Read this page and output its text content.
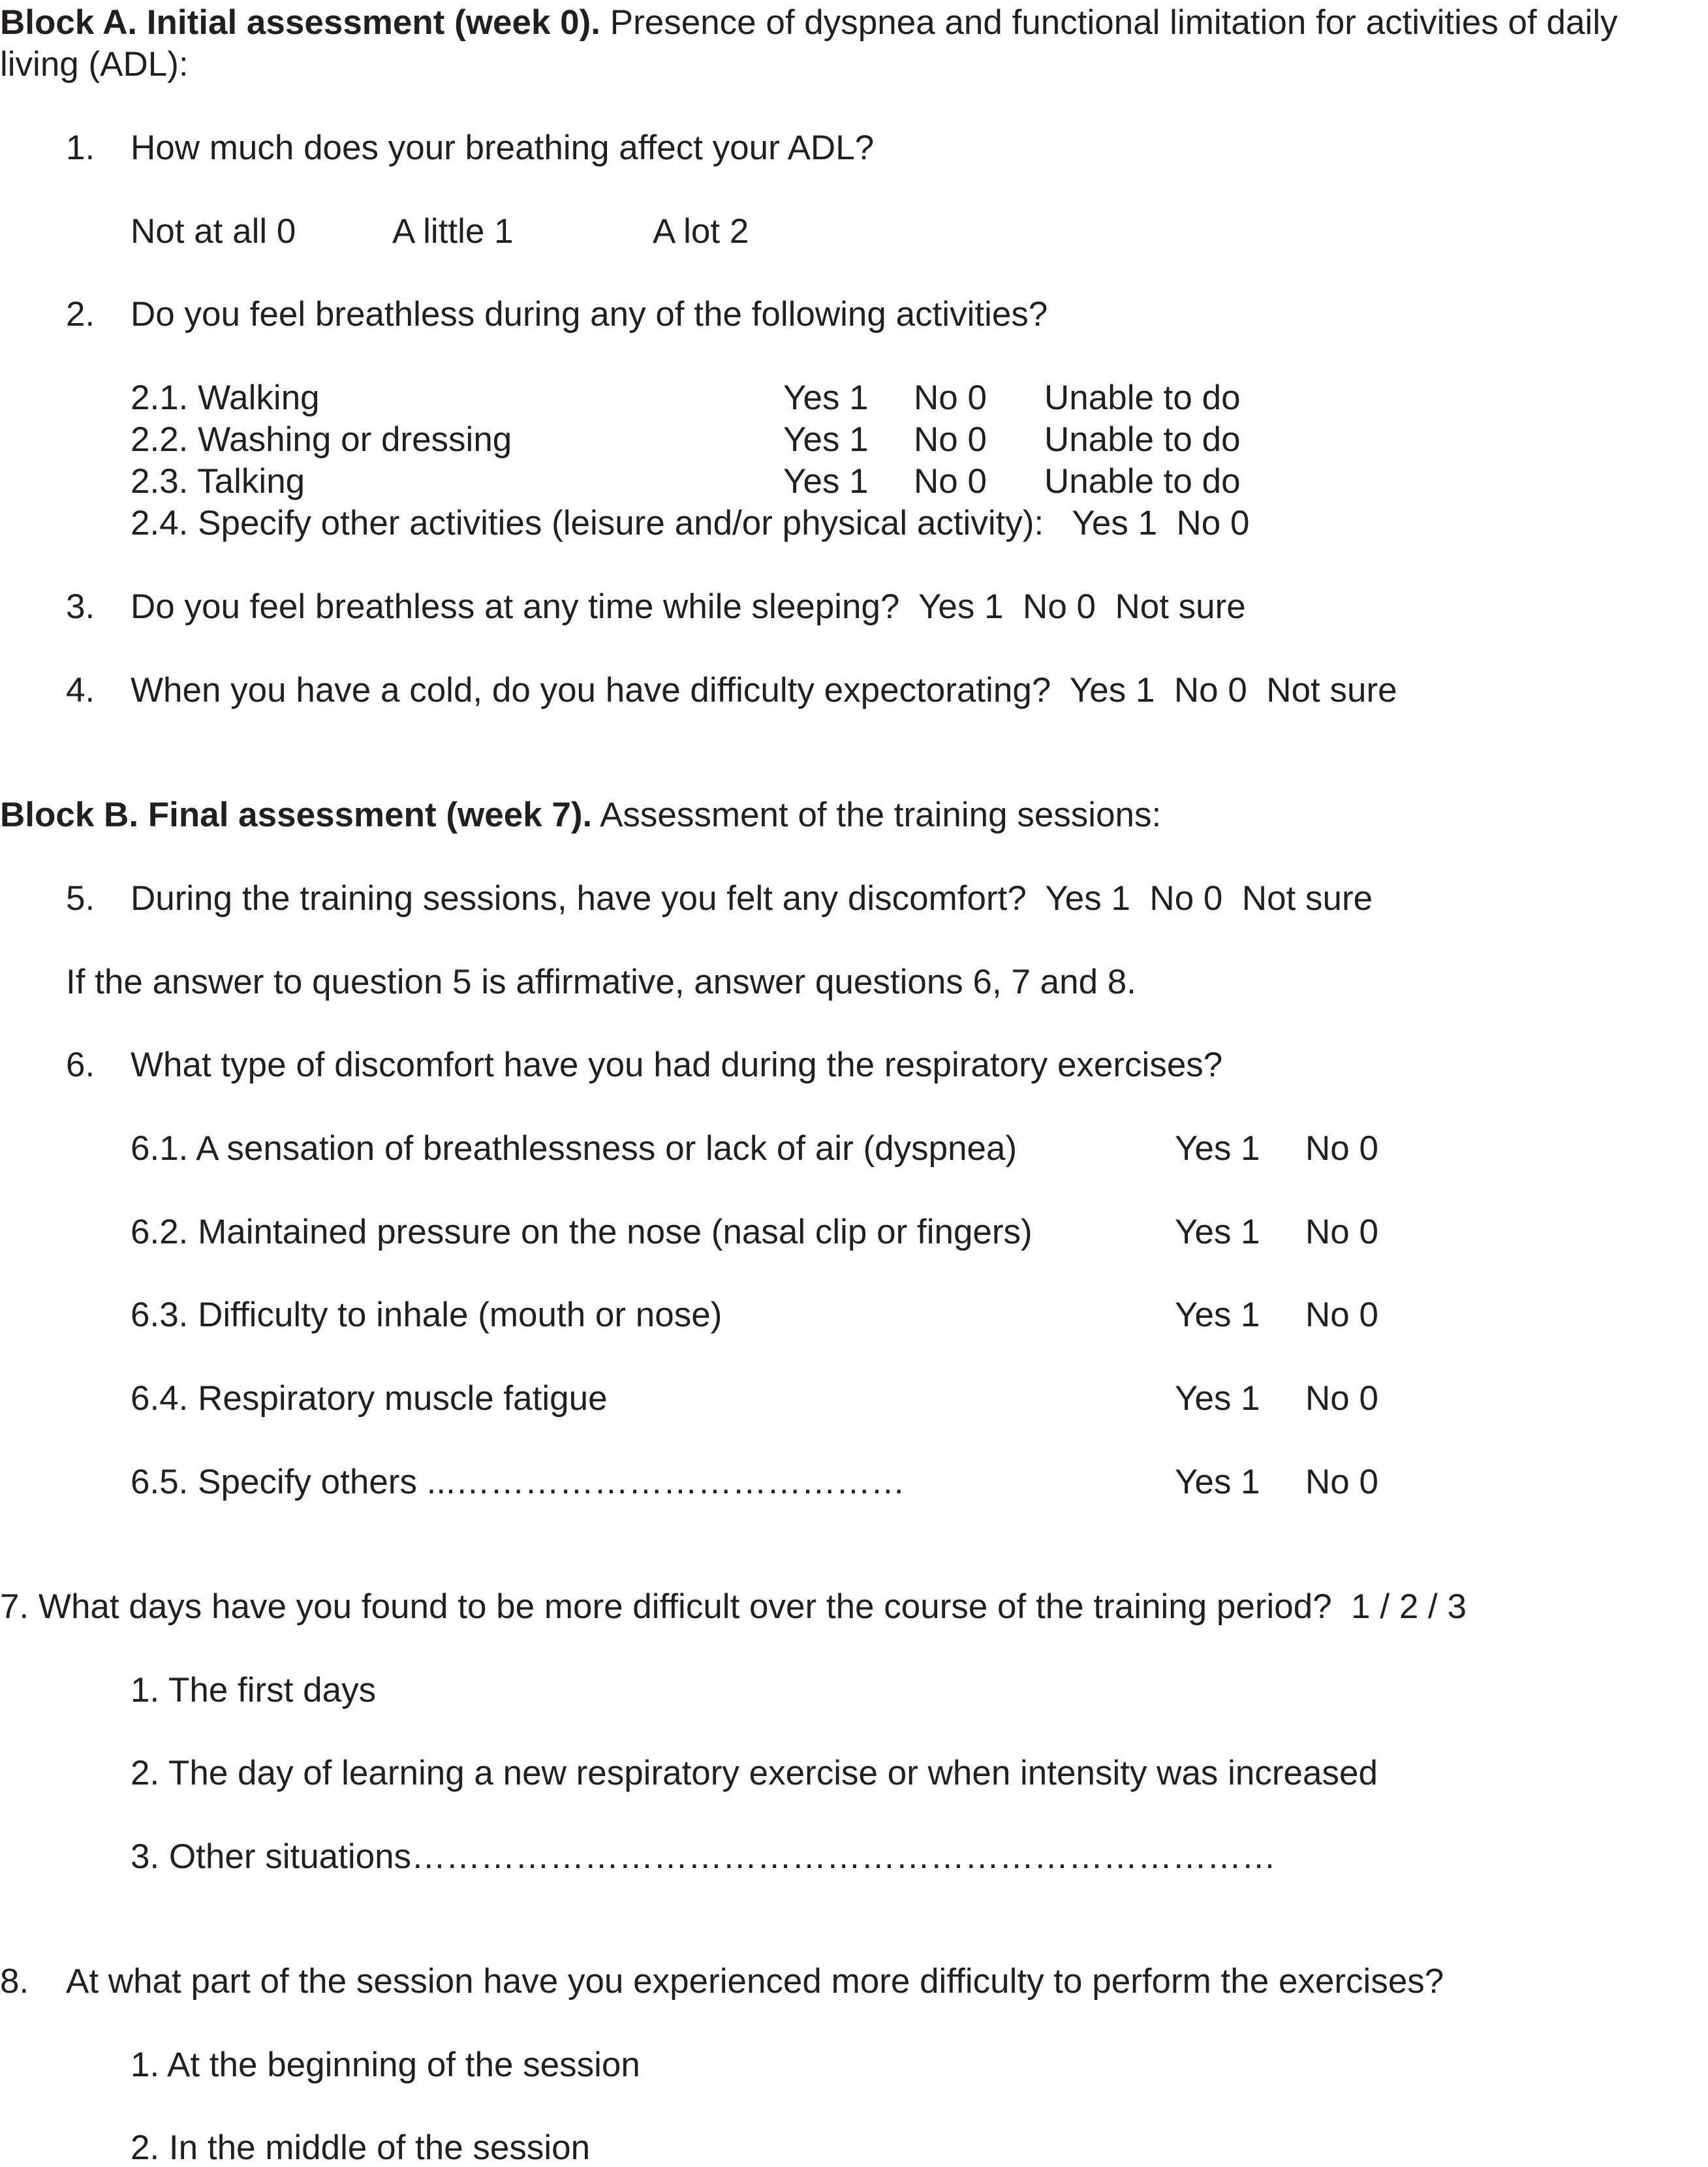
Block A. Initial assessment (week 0). Presence of dyspnea and functional limitation for activities of daily
living (ADL):
1. How much does your breathing affect your ADL?
Not at all 0	A little 1	A lot 2
2. Do you feel breathless during any of the following activities?
2.1. Walking	Yes 1 No 0 Unable to do
2.2. Washing or dressing	Yes 1 No 0 Unable to do
2.3. Talking	Yes 1 No 0 Unable to do
2.4. Specify other activities (leisure and/or physical activity):   Yes 1  No 0
3. Do you feel breathless at any time while sleeping?  Yes 1  No 0  Not sure
4. When you have a cold, do you have difficulty expectorating?  Yes 1  No 0  Not sure
Block B. Final assessment (week 7). Assessment of the training sessions:
5. During the training sessions, have you felt any discomfort?  Yes 1  No 0  Not sure
If the answer to question 5 is affirmative, answer questions 6, 7 and 8.
6. What type of discomfort have you had during the respiratory exercises?
6.1. A sensation of breathlessness or lack of air (dyspnea)	Yes 1 No 0
6.2. Maintained pressure on the nose (nasal clip or fingers)	Yes 1 No 0
6.3. Difficulty to inhale (mouth or nose)	Yes 1 No 0
6.4. Respiratory muscle fatigue	Yes 1 No 0
6.5. Specify others ...…………………………………	Yes 1 No 0
7. What days have you found to be more difficult over the course of the training period?  1 / 2 / 3
1. The first days
2. The day of learning a new respiratory exercise or when intensity was increased
3. Other situations…………………………………………………………………
8. At what part of the session have you experienced more difficulty to perform the exercises?
1. At the beginning of the session
2. In the middle of the session
